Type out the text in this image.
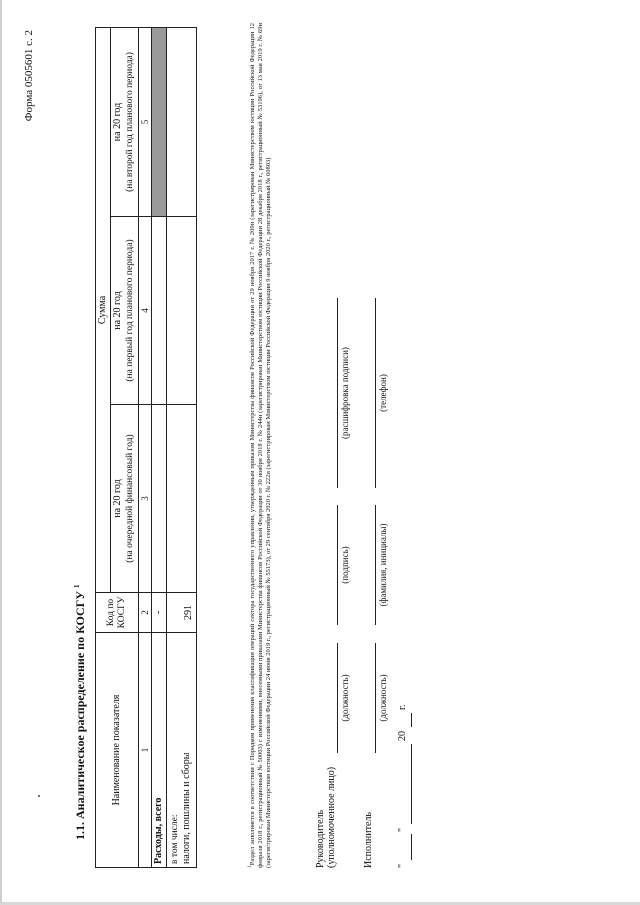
Форма 0505601 с. 2
1.1. Аналитическое распределение по КОСГУ $^1$
Наименование показателя	Код по КОСГУ	Сумма		
		на 20 год	на 20 год	на 20 год
		(на очередной финансовый год)	(на первый год планового периода)	(на второй год планового периода)
1	2	3	4	5
Расходы, всего	-			

в том числе: налоги, пошлины и сборы	291			
$^1$Раздел заполняется в соответствии с Порядком применения классификации операций сектора государственного управления, утвержденным приказом Министерства финансов Российской Федерации от 29 ноября 2017 г. № 209н (зарегистрирован Министерством юстиции Российской Федерации 12 февраля 2018 г., регистрационный № 50003) с изменениями, внесенными приказами Министерства финансов Российской Федерации от 30 ноября 2018 г. № 244н (зарегистрирован Министерством юстиции Российской Федерации 28 декабря 2018 г., регистрационный № 53196), от 13 мая 2019 г. № 69н (зарегистрирован Министерством юстиции Российской Федерации 24 июня 2019 г., регистрационный № 55173), от 29 сентября 2020 г. № 222н (зарегистрирован Министерством юстиции Российской Федерации 9 ноября 2020 г., регистрационный № 60803)	Руководитель (уполномоченное лицо)
(должность)
(подпись)
(расшифровка подписи)
Исполнитель
(должность)
(фамилия, инициалы)
(телефон)
"
"
20
г.
